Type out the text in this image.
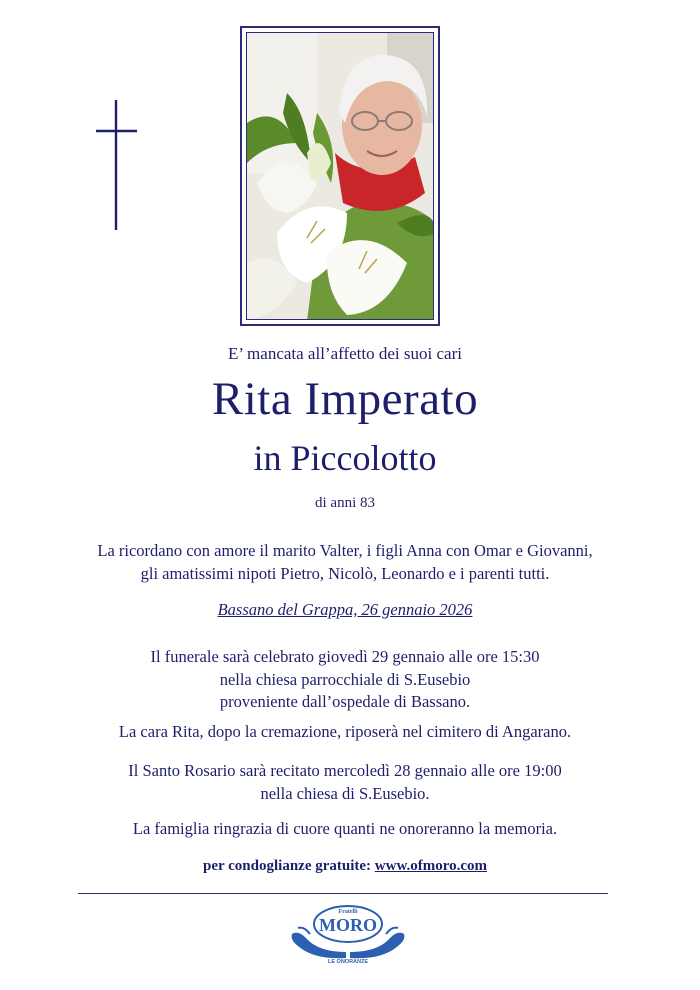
E’ mancata all’affetto dei suoi cari
Rita Imperato
in Piccolotto
di anni 83
La ricordano con amore il marito Valter, i figli Anna con Omar e Giovanni,
gli amatissimi nipoti Pietro, Nicolò, Leonardo e i parenti tutti.
Bassano del Grappa, 26 gennaio 2026
Il funerale sarà celebrato giovedì 29 gennaio alle ore 15:30
nella chiesa parrocchiale di S.Eusebio
proveniente dall’ospedale di Bassano.
La cara Rita, dopo la cremazione, riposerà nel cimitero di Angarano.
Il Santo Rosario sarà recitato mercoledì 28 gennaio alle ore 19:00
nella chiesa di S.Eusebio.
La famiglia ringrazia di cuore quanti ne onoreranno la memoria.
per condoglianze gratuite: www.ofmoro.com
Fratelli
MORO
LE ONORANZE
